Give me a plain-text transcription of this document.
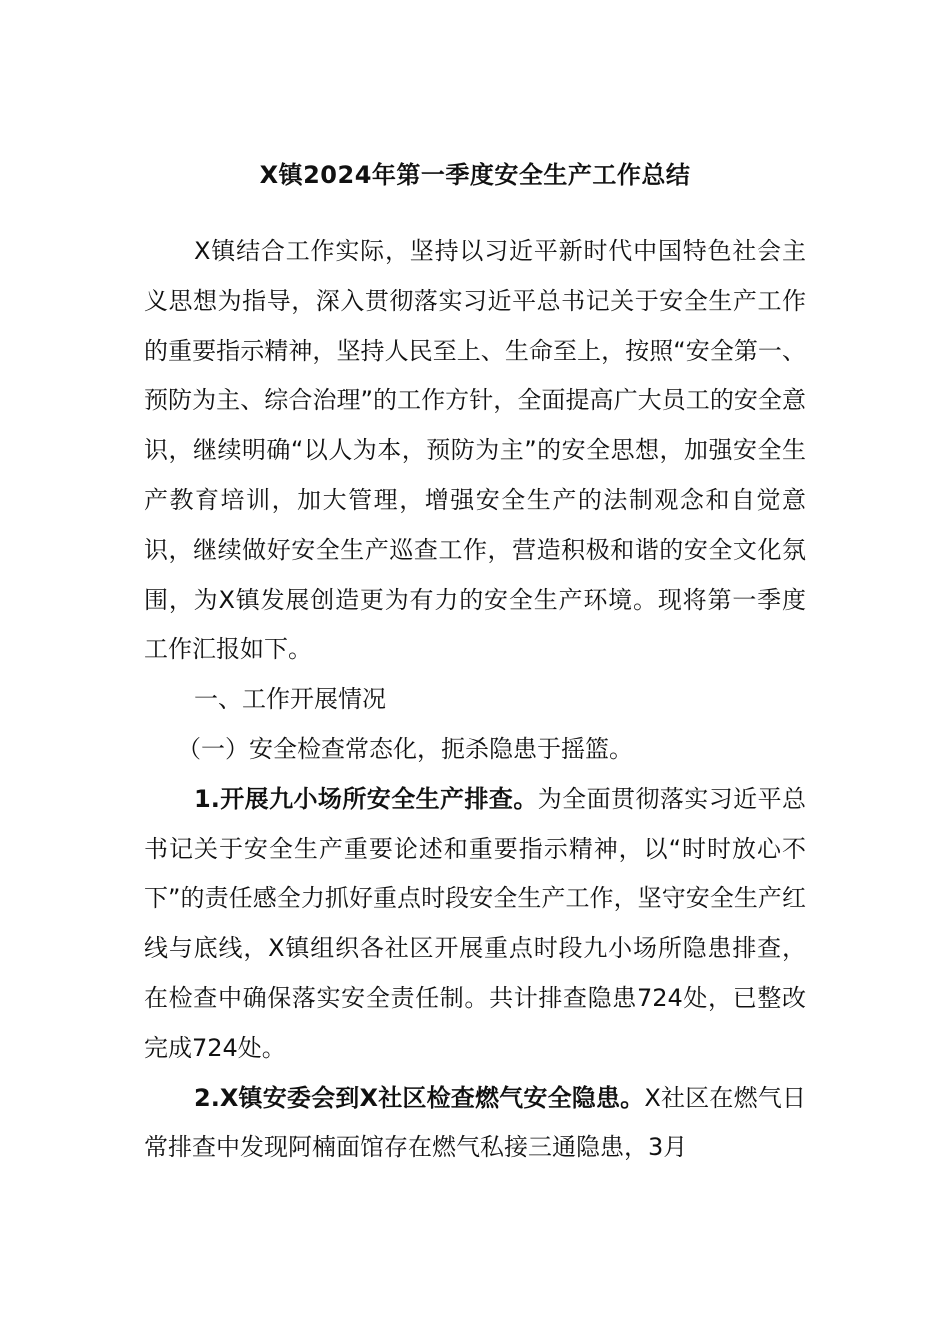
X镇2024年第一季度安全生产工作总结

X镇结合工作实际，坚持以习近平新时代中国特色社会主义思想为指导，深入贯彻落实习近平总书记关于安全生产工作的重要指示精神，坚持人民至上、生命至上，按照“安全第一、预防为主、综合治理”的工作方针，全面提高广大员工的安全意识，继续明确“以人为本，预防为主”的安全思想，加强安全生产教育培训，加大管理，增强安全生产的法制观念和自觉意识，继续做好安全生产巡查工作，营造积极和谐的安全文化氛围，为X镇发展创造更为有力的安全生产环境。现将第一季度工作汇报如下。

一、工作开展情况

（一）安全检查常态化，扼杀隐患于摇篮。

1.开展九小场所安全生产排查。为全面贯彻落实习近平总书记关于安全生产重要论述和重要指示精神，以“时时放心不下”的责任感全力抓好重点时段安全生产工作，坚守安全生产红线与底线，X镇组织各社区开展重点时段九小场所隐患排查，在检查中确保落实安全责任制。共计排查隐患724处，已整改完成724处。

2.X镇安委会到X社区检查燃气安全隐患。X社区在燃气日常排查中发现阿楠面馆存在燃气私接三通隐患，3月
